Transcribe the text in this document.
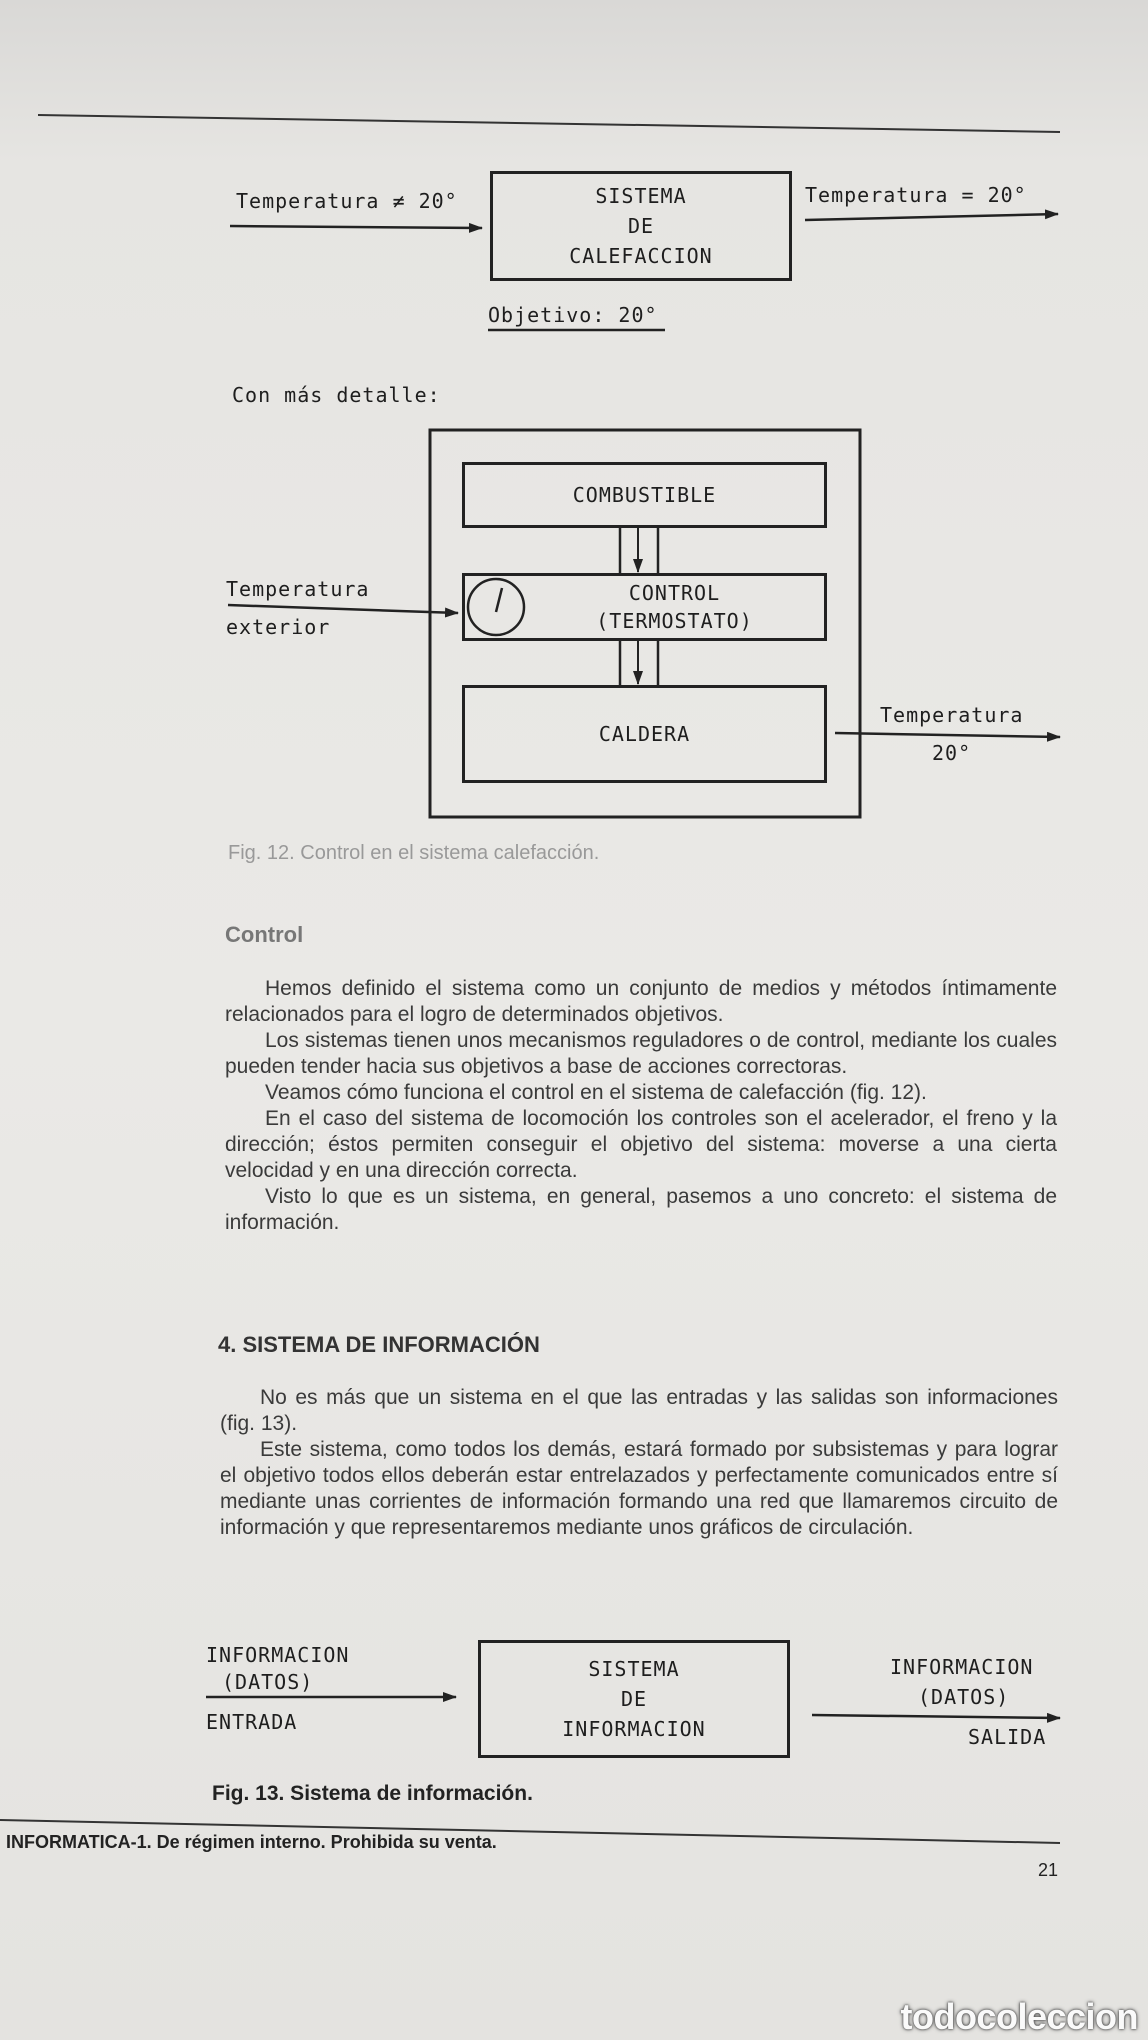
Temperatura ≠ 20°	SISTEMA
DE
CALEFACCION
Temperatura = 20°
Objetivo: 20°
Con más detalle:
COMBUSTIBLE
CONTROL
(TERMOSTATO)
CALDERA
Temperatura
exterior
Temperatura
20°
Fig. 12. Control en el sistema calefacción.
Control

Hemos definido el sistema como un conjunto de medios y métodos íntimamente relacionados para el logro de determinados objetivos.

Los sistemas tienen unos mecanismos reguladores o de control, mediante los cuales pueden tender hacia sus objetivos a base de acciones correctoras.

Veamos cómo funciona el control en el sistema de calefacción (fig. 12).

En el caso del sistema de locomoción los controles son el acelerador, el freno y la dirección; éstos permiten conseguir el objetivo del sistema: moverse a una cierta velocidad y en una dirección correcta.

Visto lo que es un sistema, en general, pasemos a uno concreto: el sistema de información.

4. SISTEMA DE INFORMACIÓN

No es más que un sistema en el que las entradas y las salidas son informaciones (fig. 13).

Este sistema, como todos los demás, estará formado por subsistemas y para lograr el objetivo todos ellos deberán estar entrelazados y perfectamente comunicados entre sí mediante unas corrientes de información formando una red que llamaremos circuito de información y que representaremos mediante unos gráficos de circulación.

INFORMACION
(DATOS)
ENTRADA
SISTEMA
DE
INFORMACION
INFORMACION
(DATOS)
SALIDA
Fig. 13. Sistema de información.
INFORMATICA-1. De régimen interno. Prohibida su venta.
21
todocoleccion
